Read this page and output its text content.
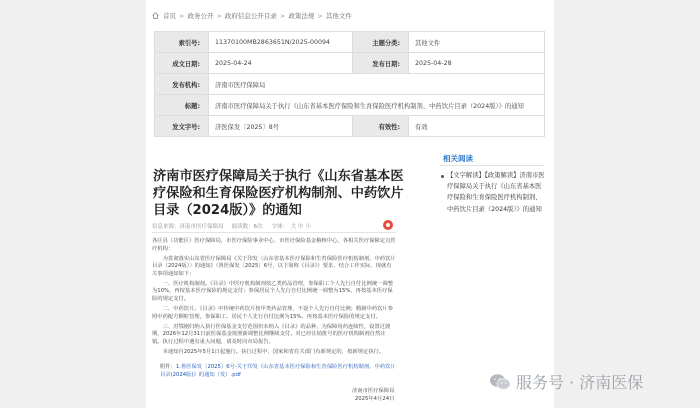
首页 > 政务公开 > 政府信息公开目录 > 政策法规 > 其他文件
索引号:	11370100MB2863651N/2025-00094	主题分类:	其他文件
成文日期:	2025-04-24	发布日期:	2025-04-28
发布机构:	济南市医疗保障局		
标题:	济南市医疗保障局关于执行《山东省基本医疗保险和生育保险医疗机构制剂、中药饮片目录（2024版）》的通知		
发文字号:	济医保发〔2025〕8号	有效性:	有效
济南市医疗保障局关于执行《山东省基本医疗保险和生育保险医疗机构制剂、中药饮片目录（2024版）》的通知
信息来源：济南市医疗保障局 阅读数：6次 字体： 大 中 小

各区县（功能区）医疗保障局，市医疗保险事业中心、市医疗保险基金稽核中心，各相关医疗保障定点医疗机构：

为贯彻落实山东省医疗保障局《关于印发〈山东省基本医疗保险和生育保险医疗机构制剂、中药饮片目录（2024版）〉的通知》（鲁医保发〔2025〕6号，以下简称《目录》）要求，结合工作实际，现就有关事项通知如下：

一、医疗机构制剂。《目录》中医疗机构制剂按乙类药品管理，参保职工个人先行自付比例统一调整为10%，再按基本医疗保险的规定支付；参保居民个人先行自付比例统一调整为15%，再按基本医疗保险的规定支付。

二、中药饮片。《目录》中传统中药饮片按甲类药品管理，不设个人先行自付比例；精制中药饮片参照中药配方颗粒管理，参保职工、居民个人先行自付比例为15%，再按基本医疗保险的规定支付。

三、对鄂刚归纳入执行医保基金支付范围但未纳入《目录》的品种，为保障用药连续性，设置过渡期，2026年12月31日前医保基金按照新调整比例继续支付。对已经注销批号的医疗机构制剂自然注销。执行过程中遇有重大问题，请及时向市局报告。

本通知自2025年5月1日起施行。执行过程中，国家和省有关部门有新规定的，按新规定执行。

附件：1.鲁医保发〔2025〕6号-关于印发《山东省基本医疗保险和生育保险医疗机构制剂、中药饮片目录(2024版)》的通知（发）.pdf
济南市医疗保障局
2025年4月24日
相关阅读
【文字解读】【政策解读】济南市医疗保障局关于执行《山东省基本医疗保险和生育保险医疗机构制剂、中药饮片目录（2024版）》的通知
服务号 · 济南医保
